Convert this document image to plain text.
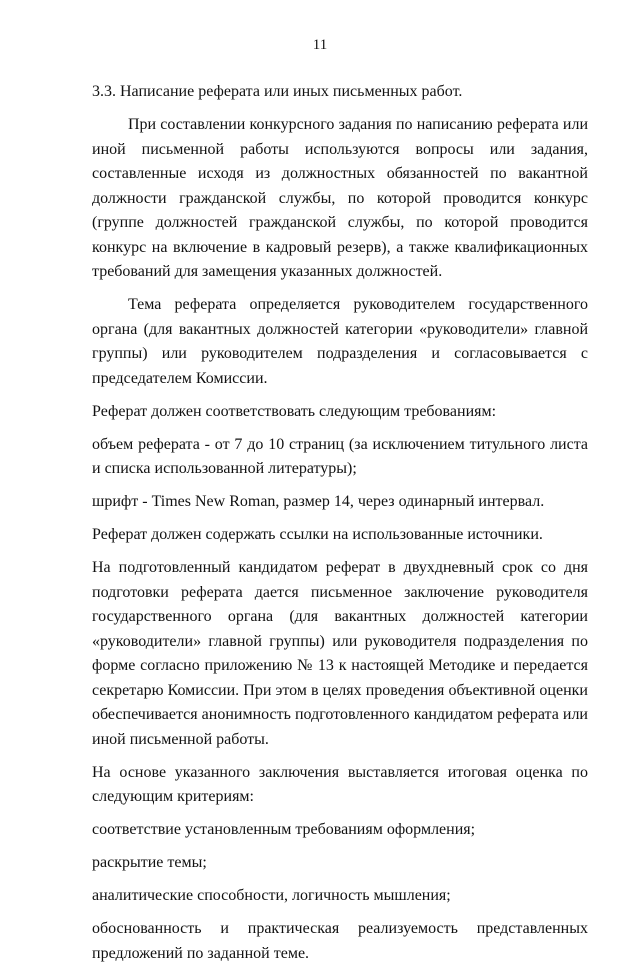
11

3.3. Написание реферата или иных письменных работ.

При составлении конкурсного задания по написанию реферата или иной письменной работы используются вопросы или задания, составленные исходя из должностных обязанностей по вакантной должности гражданской службы, по которой проводится конкурс (группе должностей гражданской службы, по которой проводится конкурс на включение в кадровый резерв), а также квалификационных требований для замещения указанных должностей.

Тема реферата определяется руководителем государственного органа (для вакантных должностей категории «руководители» главной группы) или руководителем подразделения и согласовывается с председателем Комиссии.

Реферат должен соответствовать следующим требованиям:

объем реферата - от 7 до 10 страниц (за исключением титульного листа и списка использованной литературы);

шрифт - Times New Roman, размер 14, через одинарный интервал.

Реферат должен содержать ссылки на использованные источники.

На подготовленный кандидатом реферат в двухдневный срок со дня подготовки реферата дается письменное заключение руководителя государственного органа (для вакантных должностей категории «руководители» главной группы) или руководителя подразделения по форме согласно приложению № 13 к настоящей Методике и передается секретарю Комиссии. При этом в целях проведения объективной оценки обеспечивается анонимность подготовленного кандидатом реферата или иной письменной работы.

На основе указанного заключения выставляется итоговая оценка по следующим критериям:

соответствие установленным требованиям оформления;

раскрытие темы;

аналитические способности, логичность мышления;

обоснованность и практическая реализуемость представленных предложений по заданной теме.
